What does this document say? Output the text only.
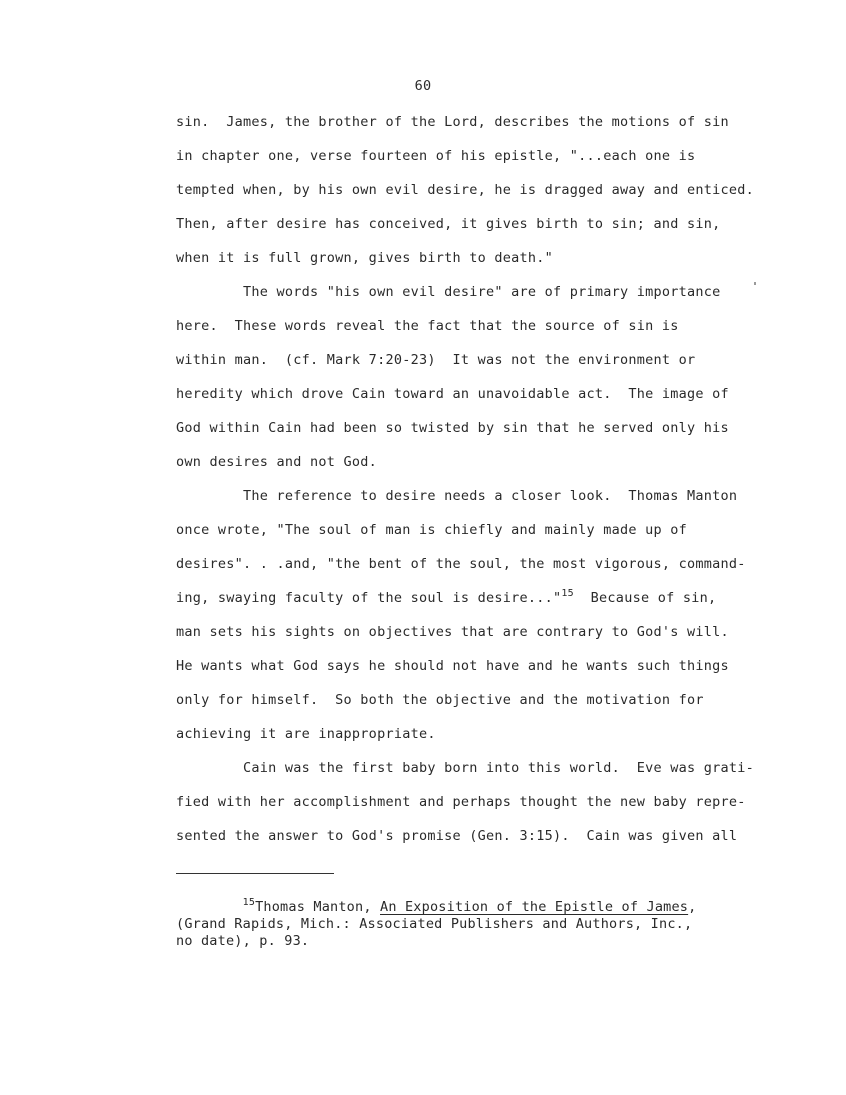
60
sin.  James, the brother of the Lord, describes the motions of sin
in chapter one, verse fourteen of his epistle, "...each one is
tempted when, by his own evil desire, he is dragged away and enticed.
Then, after desire has conceived, it gives birth to sin; and sin,
when it is full grown, gives birth to death."
The words "his own evil desire" are of primary importance
here.  These words reveal the fact that the source of sin is
within man.  (cf. Mark 7:20-23)  It was not the environment or
heredity which drove Cain toward an unavoidable act.  The image of
God within Cain had been so twisted by sin that he served only his
own desires and not God.
The reference to desire needs a closer look.  Thomas Manton
once wrote, "The soul of man is chiefly and mainly made up of
desires". . .and, "the bent of the soul, the most vigorous, command-
ing, swaying faculty of the soul is desire..."$^{15}$  Because of sin,
man sets his sights on objectives that are contrary to God's will.
He wants what God says he should not have and he wants such things
only for himself.  So both the objective and the motivation for
achieving it are inappropriate.
Cain was the first baby born into this world.  Eve was grati-
fied with her accomplishment and perhaps thought the new baby repre-
sented the answer to God's promise (Gen. 3:15).  Cain was given all
$^{15}$Thomas Manton, An Exposition of the Epistle of James,
(Grand Rapids, Mich.: Associated Publishers and Authors, Inc.,
no date), p. 93.
